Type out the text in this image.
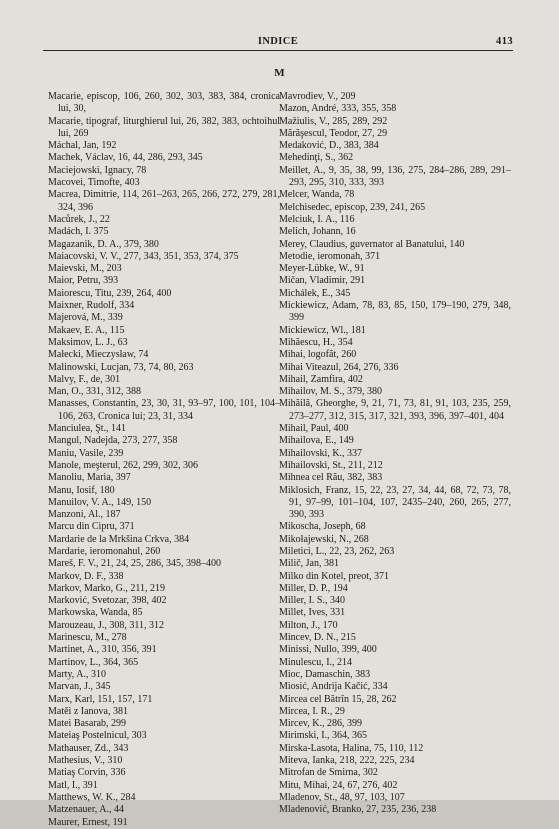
INDICE	413
M
Macarie, episcop, 106, 260, 302, 303, 383, 384, cronica lui, 30,
Macarie, tipograf, liturghierul lui, 26, 382, 383, ochtoihul lui, 269
Máchal, Jan, 192
Machek, Václav, 16, 44, 286, 293, 345
Maciejowski, Ignacy, 78
Macovei, Timofte, 403
Macrea, Dimitrie, 114, 261–263, 265, 266, 272, 279, 281, 324, 396
Macůrek, J., 22
Madách, I. 375
Magazanik, D. A., 379, 380
Maiacovski, V. V., 277, 343, 351, 353, 374, 375
Maievski, M., 203
Maior, Petru, 393
Maiorescu, Titu, 239, 264, 400
Maixner, Rudolf, 334
Majerová, M., 339
Makaev, E. A., 115
Maksimov, L. J., 63
Małecki, Mieczysław, 74
Malinowski, Lucjan, 73, 74, 80, 263
Malvy, F., de, 301
Man, O., 331, 312, 388
Manasses, Constantin, 23, 30, 31, 93–97, 100, 101, 104–106, 263, Cronica lui; 23, 31, 334
Manciulea, Şt., 141
Mangul, Nadejda, 273, 277, 358
Maniu, Vasile, 239
Manole, meşterul, 262, 299, 302, 306
Manoliu, Maria, 397
Manu, Iosif, 180
Manuilov, V. A., 149, 150
Manzoni, Al., 187
Marcu din Cipru, 371
Mardarie de la Mrkšina Crkva, 384
Mardarie, ieromonahul, 260
Mareš, F. V., 21, 24, 25, 286, 345, 398–400
Markov, D. F., 338
Markov, Marko, G., 211, 219
Marković, Svetozar, 398, 402
Markowska, Wanda, 85
Marouzeau, J., 308, 311, 312
Marinescu, M., 278
Martinet, A., 310, 356, 391
Martinov, L., 364, 365
Marty, A., 310
Marvan, J., 345
Marx, Karl, 151, 157, 171
Matěi z Ianova, 381
Matei Basarab, 299
Mateiaş Postelnicul, 303
Mathauser, Zd., 343
Mathesius, V., 310
Matiaş Corvin, 336
Matl, I., 391
Matthews, W. K., 284
Matzenauer, A., 44
Maurer, Ernest, 191
Mavrodiev, V., 209
Mazon, André, 333, 355, 358
Mažiulis, V., 285, 289, 292
Mărăşescul, Teodor, 27, 29
Medaković, D., 383, 384
Mehedinţi, S., 362
Meillet, A., 9, 35, 38, 99, 136, 275, 284–286, 289, 291–293, 295, 310, 333, 393
Melcer, Wanda, 78
Melchisedec, episcop, 239, 241, 265
Melciuk, I. A., 116
Melich, Johann, 16
Merey, Claudius, guvernator al Banatului, 140
Metodie, ieromonah, 371
Meyer-Lübke, W., 91
Mičan, Vladimir, 291
Michálek, E., 345
Mickiewicz, Adam, 78, 83, 85, 150, 179–190, 279, 348, 399
Mickiewicz, Wl., 181
Mihăescu, H., 354
Mihai, logofăt, 260
Mihai Viteazul, 264, 276, 336
Mihail, Zamfira, 402
Mihailov, M. S., 379, 380
Mihăilă, Gheorghe, 9, 21, 71, 73, 81, 91, 103, 235, 259, 273–277, 312, 315, 317, 321, 393, 396, 397–401, 404
Mihail, Paul, 400
Mihailova, E., 149
Mihailovski, K., 337
Mihailovski, St., 211, 212
Mihnea cel Rău, 382, 383
Miklosich, Franz, 15, 22, 23, 27, 34, 44, 68, 72, 73, 78, 91, 97–99, 101–104, 107, 2435–240, 260, 265, 277, 390, 393
Mikoscha, Joseph, 68
Mikołajewski, N., 268
Miletici, L., 22, 23, 262, 263
Milič, Jan, 381
Milko din Kotel, preot, 371
Miller, D. P., 194
Miller, I. S., 340
Millet, Ives, 331
Milton, J., 170
Mincev, D. N., 215
Minissi, Nullo, 399, 400
Minulescu, I., 214
Mioc, Damaschin, 383
Miosić, Andrija Kačić, 334
Mircea cel Bătrîn 15, 28, 262
Mircea, I. R., 29
Mircev, K., 286, 399
Mirimski, I., 364, 365
Mirska-Lasota, Halina, 75, 110, 112
Miteva, Ianka, 218, 222, 225, 234
Mitrofan de Smirna, 302
Mitu, Mihai, 24, 67, 276, 402
Mladenov, St., 48, 97, 103, 107
Mladenović, Branko, 27, 235, 236, 238
